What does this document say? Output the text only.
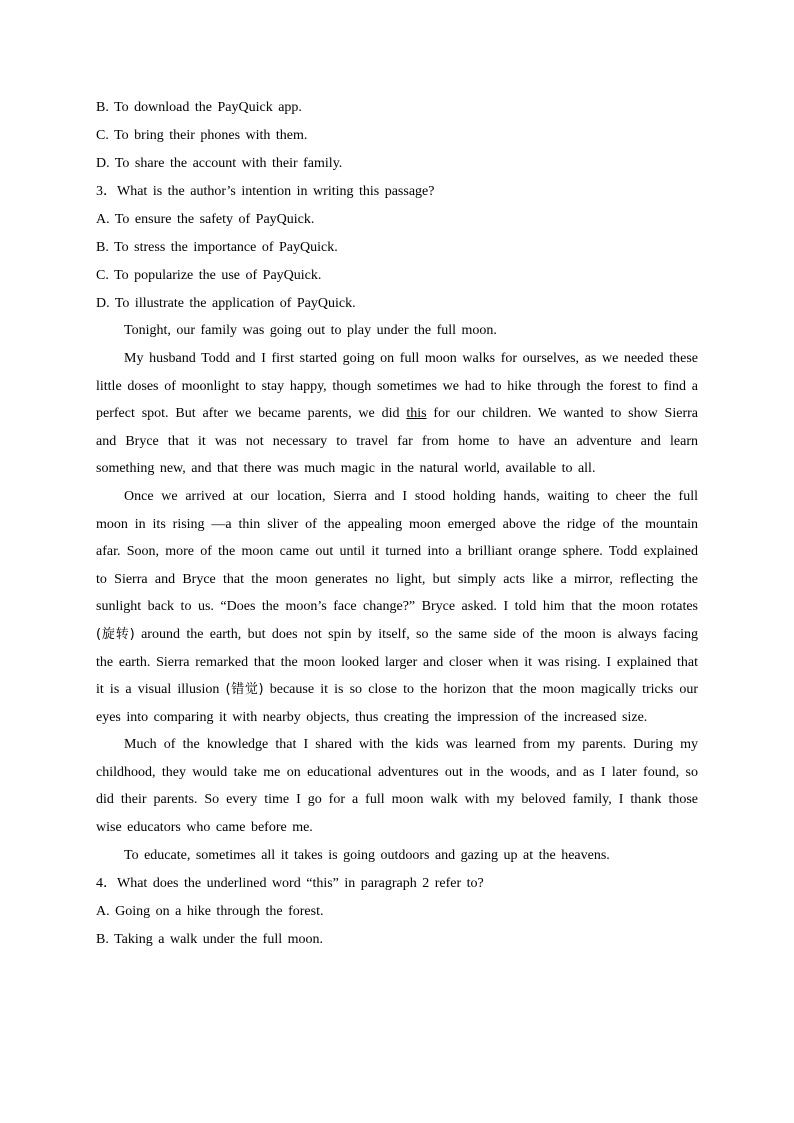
B. To download the PayQuick app.

C. To bring their phones with them.

D. To share the account with their family.

3．What is the author’s intention in writing this passage?

A. To ensure the safety of PayQuick.

B. To stress the importance of PayQuick.

C. To popularize the use of PayQuick.

D. To illustrate the application of PayQuick.

Tonight, our family was going out to play under the full moon.

My husband Todd and I first started going on full moon walks for ourselves, as we needed these little doses of moonlight to stay happy, though sometimes we had to hike through the forest to find a perfect spot. But after we became parents, we did this for our children. We wanted to show Sierra and Bryce that it was not necessary to travel far from home to have an adventure and learn something new, and that there was much magic in the natural world, available to all.

Once we arrived at our location, Sierra and I stood holding hands, waiting to cheer the full moon in its rising —a thin sliver of the appealing moon emerged above the ridge of the mountain afar. Soon, more of the moon came out until it turned into a brilliant orange sphere. Todd explained to Sierra and Bryce that the moon generates no light, but simply acts like a mirror, reflecting the sunlight back to us. “Does the moon’s face change?” Bryce asked. I told him that the moon rotates (旋转) around the earth, but does not spin by itself, so the same side of the moon is always facing the earth. Sierra remarked that the moon looked larger and closer when it was rising. I explained that it is a visual illusion (错觉) because it is so close to the horizon that the moon magically tricks our eyes into comparing it with nearby objects, thus creating the impression of the increased size.

Much of the knowledge that I shared with the kids was learned from my parents. During my childhood, they would take me on educational adventures out in the woods, and as I later found, so did their parents. So every time I go for a full moon walk with my beloved family, I thank those wise educators who came before me.

To educate, sometimes all it takes is going outdoors and gazing up at the heavens.

4．What does the underlined word “this” in paragraph 2 refer to?

A. Going on a hike through the forest.

B. Taking a walk under the full moon.
